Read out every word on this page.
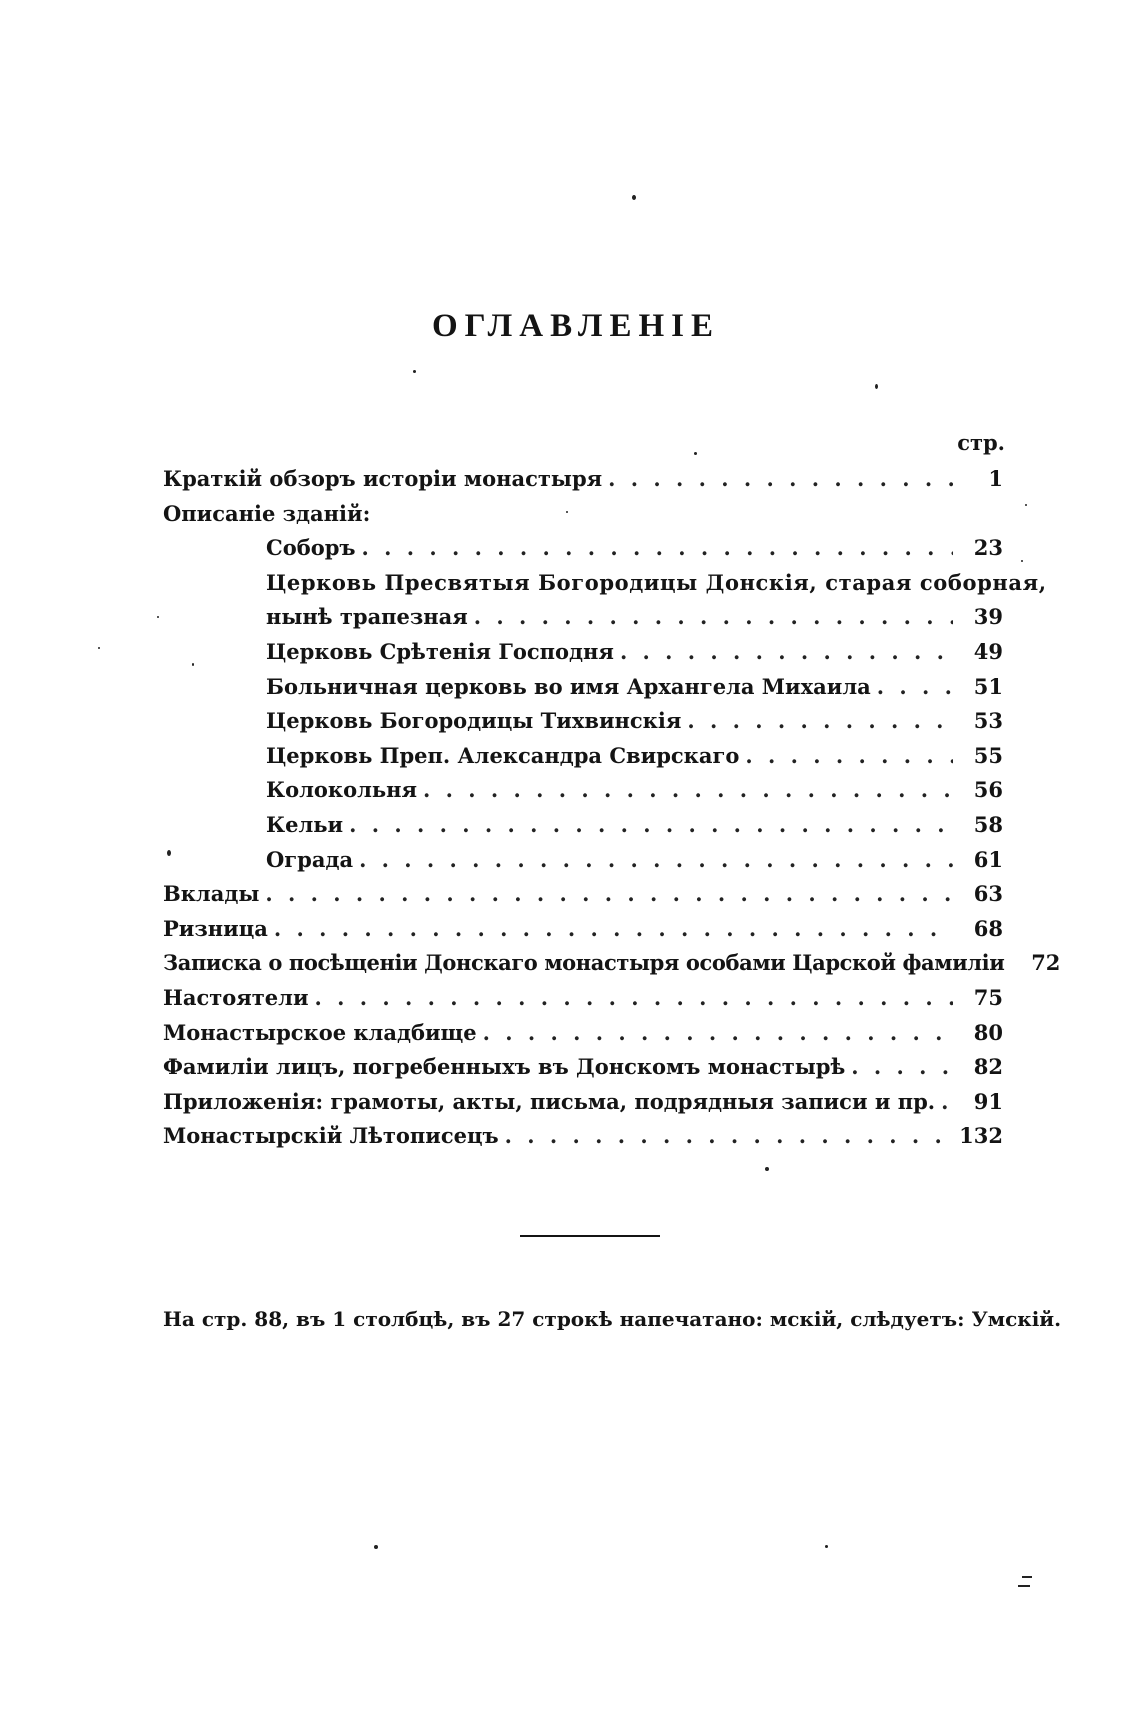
ОГЛАВЛЕНІЕ
стр.
Краткій обзоръ исторіи монастыря . . .	1
Описаніе зданій:
Соборъ . . .	23
Церковь Пресвятыя Богородицы Донскія, старая соборная,
нынѣ трапезная . . .	39
Церковь Срѣтенія Господня . . .	49
Больничная церковь во имя Архангела Михаила . . .	51
Церковь Богородицы Тихвинскія . . .	53
Церковь Преп. Александра Свирскаго . . .	55
Колокольня . . .	56
Кельи . . .	58
Ограда . . .	61
Вклады . . .	63
Ризница . . .	68
Записка о посѣщеніи Донскаго монастыря особами Царской фамиліи	72
Настоятели . . .	75
Монастырское кладбище . . .	80
Фамиліи лицъ, погребенныхъ въ Донскомъ монастырѣ . . .	82
Приложенія: грамоты, акты, письма, подрядныя записи и пр. . . .	91
Монастырскій Лѣтописецъ . . .	132
На стр. 88, въ 1 столбцѣ, въ 27 строкѣ напечатано: мскій, слѣдуетъ: Умскій.
